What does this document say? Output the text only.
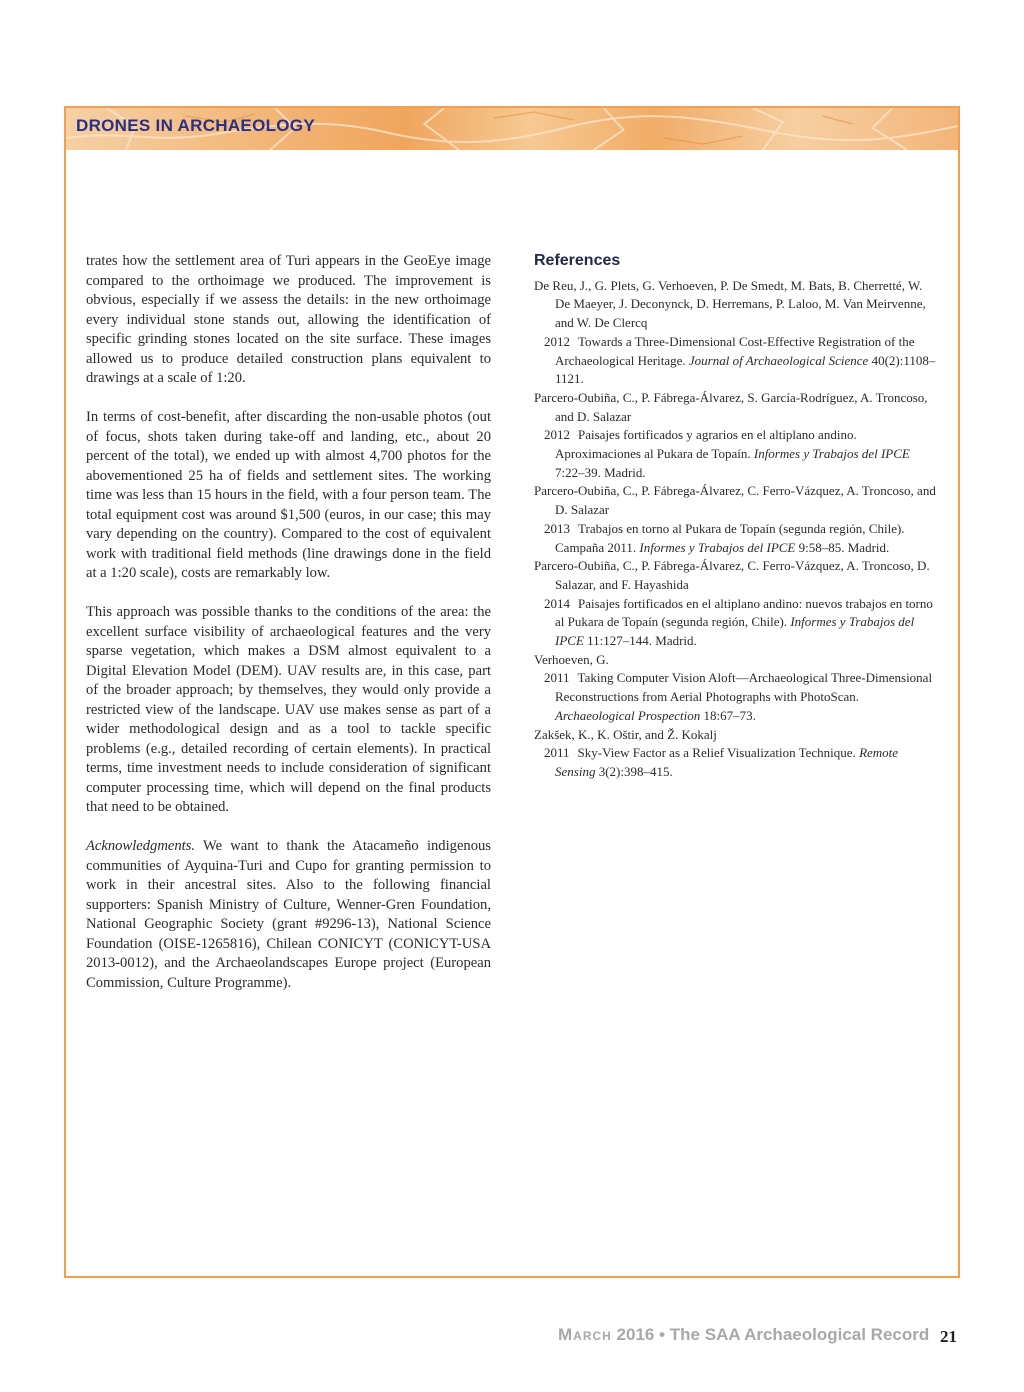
DRONES IN ARCHAEOLOGY

trates how the settlement area of Turi appears in the GeoEye image compared to the orthoimage we produced. The improvement is obvious, especially if we assess the details: in the new orthoimage every individual stone stands out, allowing the identification of specific grinding stones located on the site surface. These images allowed us to produce detailed construction plans equivalent to drawings at a scale of 1:20.

In terms of cost-benefit, after discarding the non-usable photos (out of focus, shots taken during take-off and landing, etc., about 20 percent of the total), we ended up with almost 4,700 photos for the abovementioned 25 ha of fields and settlement sites. The working time was less than 15 hours in the field, with a four person team. The total equipment cost was around $1,500 (euros, in our case; this may vary depending on the country). Compared to the cost of equivalent work with traditional field methods (line drawings done in the field at a 1:20 scale), costs are remarkably low.

This approach was possible thanks to the conditions of the area: the excellent surface visibility of archaeological features and the very sparse vegetation, which makes a DSM almost equivalent to a Digital Elevation Model (DEM). UAV results are, in this case, part of the broader approach; by themselves, they would only provide a restricted view of the landscape. UAV use makes sense as part of a wider methodological design and as a tool to tackle specific problems (e.g., detailed recording of certain elements). In practical terms, time investment needs to include consideration of significant computer processing time, which will depend on the final products that need to be obtained.

Acknowledgments. We want to thank the Atacameño indigenous communities of Ayquina-Turi and Cupo for granting permission to work in their ancestral sites. Also to the following financial supporters: Spanish Ministry of Culture, Wenner-Gren Foundation, National Geographic Society (grant #9296-13), National Science Foundation (OISE-1265816), Chilean CONICYT (CONICYT-USA 2013-0012), and the Archaeolandscapes Europe project (European Commission, Culture Programme).

References

De Reu, J., G. Plets, G. Verhoeven, P. De Smedt, M. Bats, B. Cherretté, W. De Maeyer, J. Deconynck, D. Herremans, P. Laloo, M. Van Meirvenne, and W. De Clercq

2012 Towards a Three-Dimensional Cost-Effective Registration of the Archaeological Heritage. Journal of Archaeological Science 40(2):1108–1121.

Parcero-Oubiña, C., P. Fábrega-Álvarez, S. García-Rodríguez, A. Troncoso, and D. Salazar

2012 Paisajes fortificados y agrarios en el altiplano andino. Aproximaciones al Pukara de Topaín. Informes y Trabajos del IPCE 7:22–39. Madrid.

Parcero-Oubiña, C., P. Fábrega-Álvarez, C. Ferro-Vázquez, A. Troncoso, and D. Salazar

2013 Trabajos en torno al Pukara de Topaín (segunda región, Chile). Campaña 2011. Informes y Trabajos del IPCE 9:58–85. Madrid.

Parcero-Oubiña, C., P. Fábrega-Álvarez, C. Ferro-Vázquez, A. Troncoso, D. Salazar, and F. Hayashida

2014 Paisajes fortificados en el altiplano andino: nuevos trabajos en torno al Pukara de Topaín (segunda región, Chile). Informes y Trabajos del IPCE 11:127–144. Madrid.

Verhoeven, G.

2011 Taking Computer Vision Aloft—Archaeological Three-Dimensional Reconstructions from Aerial Photographs with PhotoScan. Archaeological Prospection 18:67–73.

Zakšek, K., K. Oštir, and Ž. Kokalj

2011 Sky-View Factor as a Relief Visualization Technique. Remote Sensing 3(2):398–415.

March 2016 • The SAA Archaeological Record 21
